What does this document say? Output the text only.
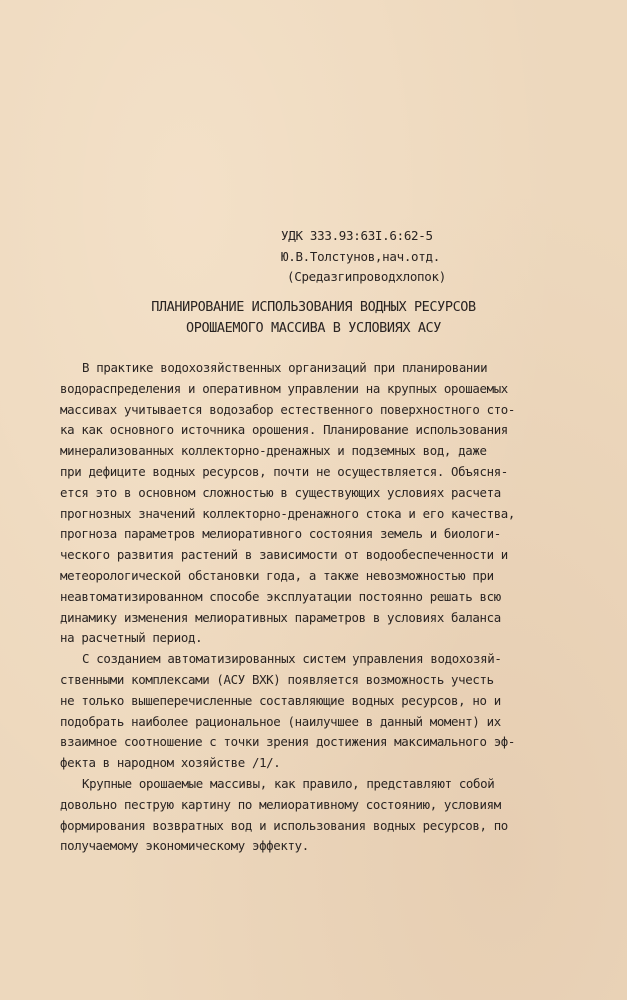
УДК 333.93:63I.6:62-5
Ю.В.Толстунов,нач.отд.
(Средазгипроводхлопок)
ПЛАНИРОВАНИЕ ИСПОЛЬЗОВАНИЯ ВОДНЫХ РЕСУРСОВ
ОРОШАЕМОГО МАССИВА В УСЛОВИЯХ АСУ
В практике водохозяйственных организаций при планировании
водораспределения и оперативном управлении на крупных орошаемых
массивах учитывается водозабор естественного поверхностного сто-
ка как основного источника орошения. Планирование использования
минерализованных коллекторно-дренажных и подземных вод, даже
при дефиците водных ресурсов, почти не осуществляется. Объясня-
ется это в основном сложностью в существующих условиях расчета
прогнозных значений коллекторно-дренажного стока и его качества,
прогноза параметров мелиоративного состояния земель и биологи-
ческого развития растений в зависимости от водообеспеченности и
метеорологической обстановки года, а также невозможностью при
неавтоматизированном способе эксплуатации постоянно решать всю
динамику изменения мелиоративных параметров в условиях баланса
на расчетный период.
С созданием автоматизированных систем управления водохозяй-
ственными комплексами (АСУ ВХК) появляется возможность учесть
не только вышеперечисленные составляющие водных ресурсов, но и
подобрать наиболее рациональное (наилучшее в данный момент) их
взаимное соотношение с точки зрения достижения максимального эф-
фекта в народном хозяйстве /1/.
Крупные орошаемые массивы, как правило, представляют собой
довольно пеструю картину по мелиоративному состоянию, условиям
формирования возвратных вод и использования водных ресурсов, по
получаемому экономическому эффекту.
